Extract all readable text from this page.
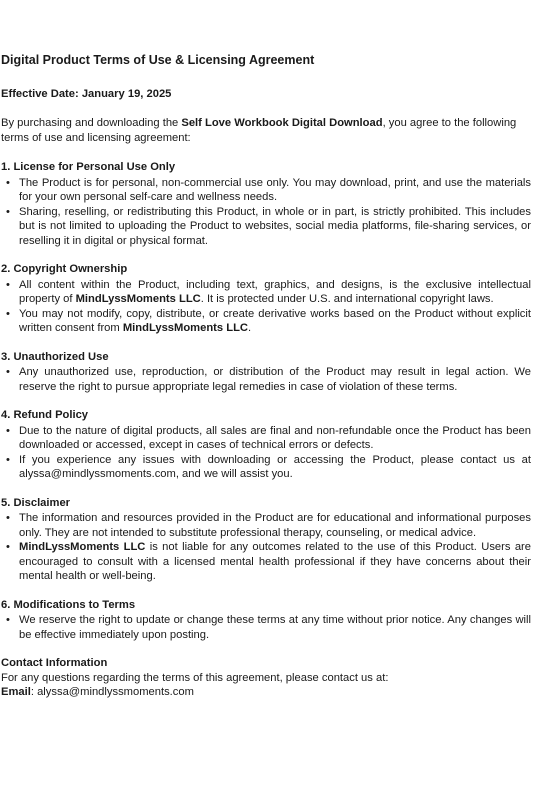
Digital Product Terms of Use & Licensing Agreement
Effective Date: January 19, 2025
By purchasing and downloading the Self Love Workbook Digital Download, you agree to the following terms of use and licensing agreement:
1. License for Personal Use Only
• The Product is for personal, non-commercial use only. You may download, print, and use the materials for your own personal self-care and wellness needs.
• Sharing, reselling, or redistributing this Product, in whole or in part, is strictly prohibited. This includes but is not limited to uploading the Product to websites, social media platforms, file-sharing services, or reselling it in digital or physical format.
2. Copyright Ownership
• All content within the Product, including text, graphics, and designs, is the exclusive intellectual property of MindLyssMoments LLC. It is protected under U.S. and international copyright laws.
• You may not modify, copy, distribute, or create derivative works based on the Product without explicit written consent from MindLyssMoments LLC.
3. Unauthorized Use
• Any unauthorized use, reproduction, or distribution of the Product may result in legal action. We reserve the right to pursue appropriate legal remedies in case of violation of these terms.
4. Refund Policy
• Due to the nature of digital products, all sales are final and non-refundable once the Product has been downloaded or accessed, except in cases of technical errors or defects.
• If you experience any issues with downloading or accessing the Product, please contact us at alyssa@mindlyssmoments.com, and we will assist you.
5. Disclaimer
• The information and resources provided in the Product are for educational and informational purposes only. They are not intended to substitute professional therapy, counseling, or medical advice.
• MindLyssMoments LLC is not liable for any outcomes related to the use of this Product. Users are encouraged to consult with a licensed mental health professional if they have concerns about their mental health or well-being.
6. Modifications to Terms
• We reserve the right to update or change these terms at any time without prior notice. Any changes will be effective immediately upon posting.
Contact Information
For any questions regarding the terms of this agreement, please contact us at:
Email: alyssa@mindlyssmoments.com
